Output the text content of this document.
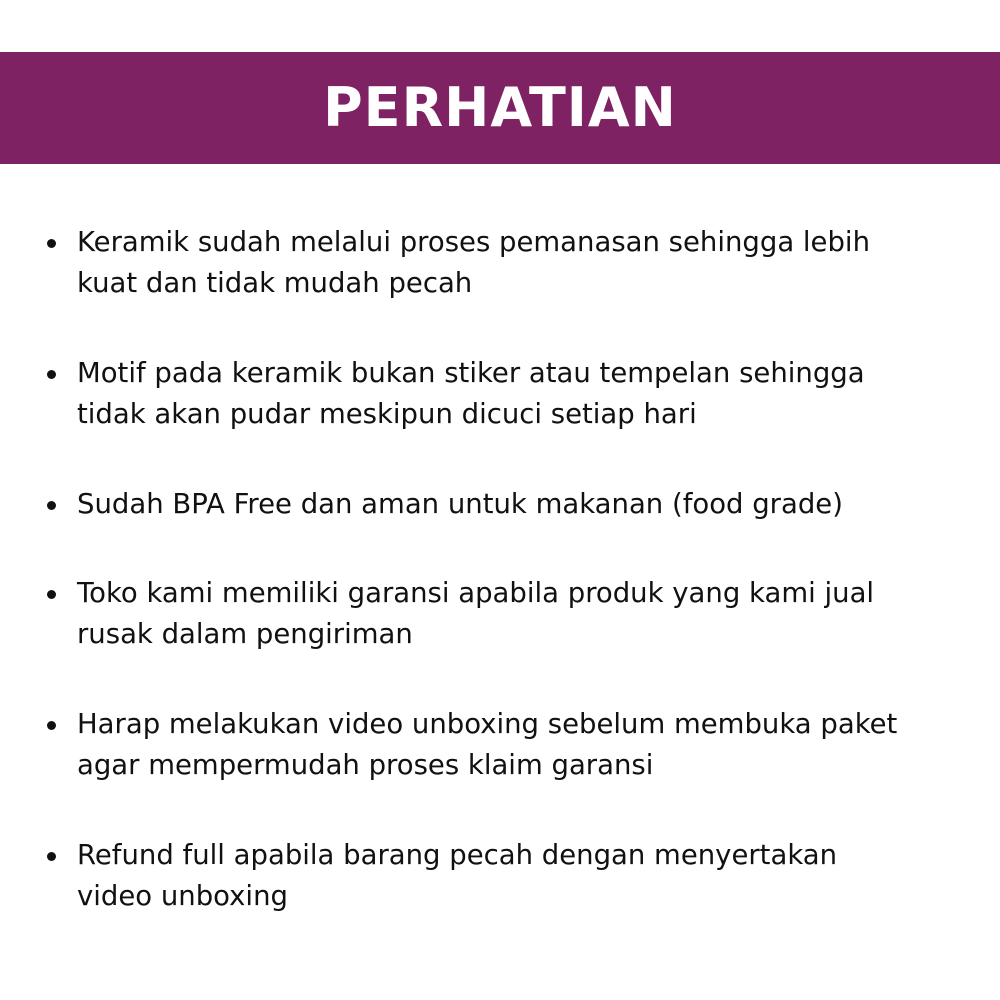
PERHATIAN

Keramik sudah melalui proses pemanasan sehingga lebih
kuat dan tidak mudah pecah

Motif pada keramik bukan stiker atau tempelan sehingga
tidak akan pudar meskipun dicuci setiap hari

Sudah BPA Free dan aman untuk makanan (food grade)

Toko kami memiliki garansi apabila produk yang kami jual
rusak dalam pengiriman

Harap melakukan video unboxing sebelum membuka paket
agar mempermudah proses klaim garansi

Refund full apabila barang pecah dengan menyertakan
video unboxing
